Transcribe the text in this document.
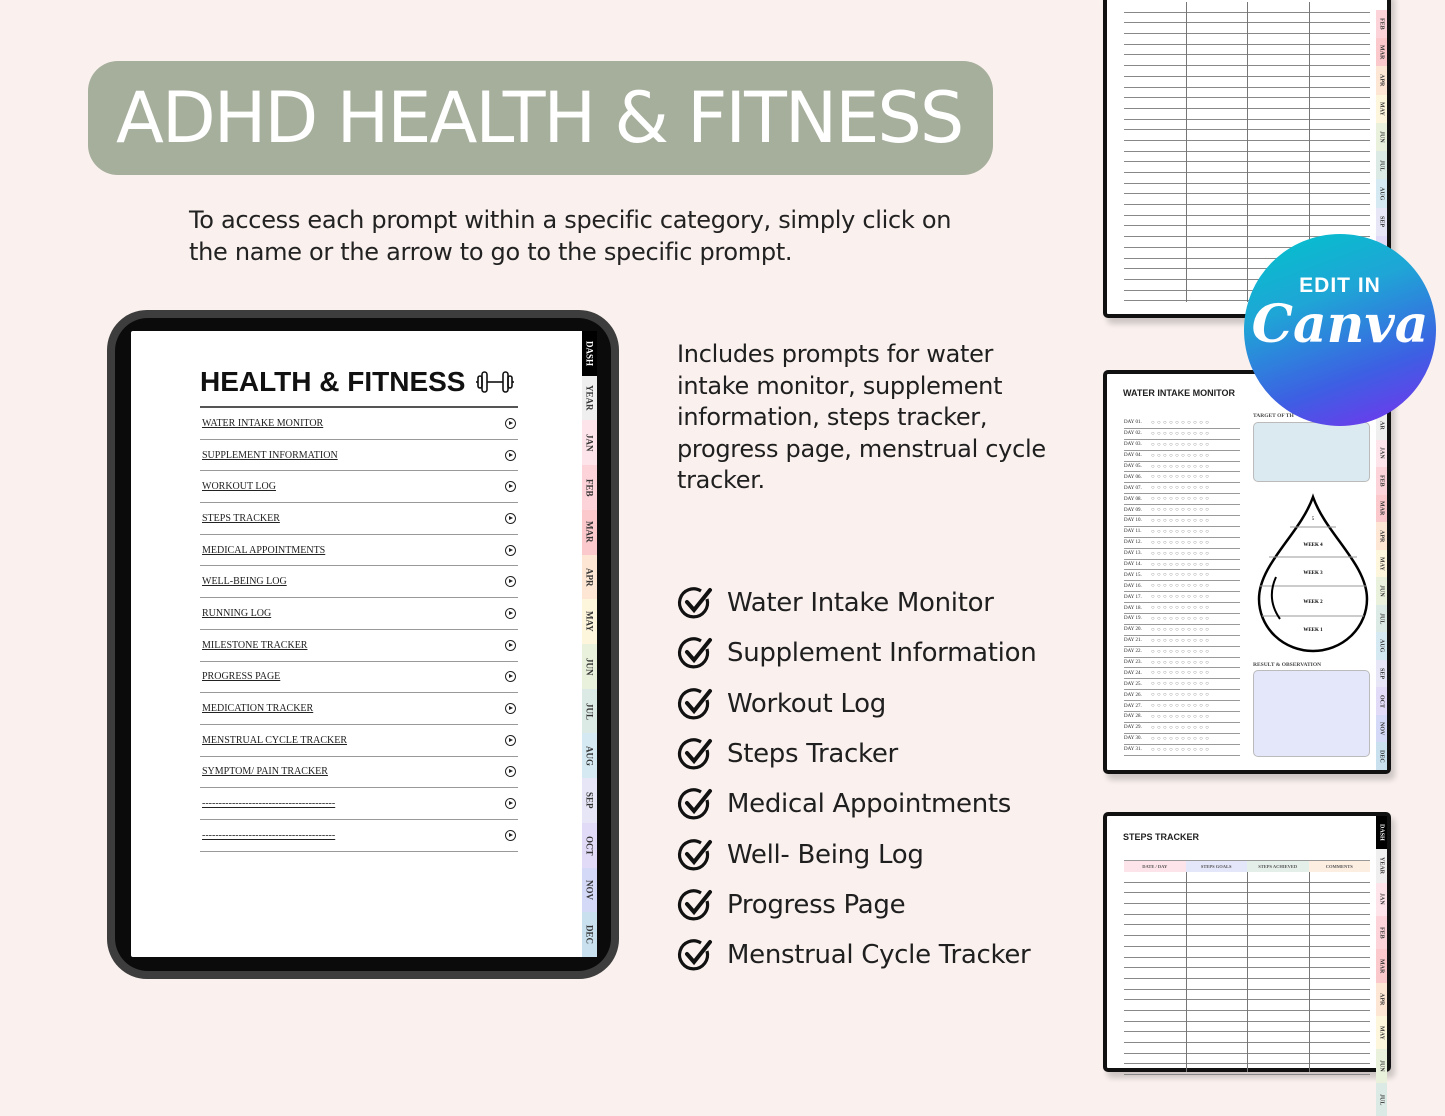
ADHD HEALTH & FITNESS
To access each prompt within a specific category, simply click on the name or the arrow to go to the specific prompt.
HEALTH & FITNESS
WATER INTAKE MONITOR
SUPPLEMENT INFORMATION
WORKOUT LOG
STEPS TRACKER
MEDICAL APPOINTMENTS
WELL-BEING LOG
RUNNING LOG
MILESTONE TRACKER
PROGRESS PAGE
MEDICATION TRACKER
MENSTRUAL CYCLE TRACKER
SYMPTOM/ PAIN TRACKER
----------------------------------------
----------------------------------------
DASH
YEAR
JAN
FEB
MAR
APR
MAY
JUN
JUL
AUG
SEP
OCT
NOV
DEC
Includes prompts for water intake monitor, supplement information, steps tracker, progress page, menstrual cycle tracker.
Water Intake Monitor
Supplement Information
Workout Log
Steps Tracker
Medical Appointments
Well- Being Log
Progress Page
Menstrual Cycle Tracker
FEB
MAR
APR
MAY
JUN
JUL
AUG
SEP
WATER INTAKE MONITOR
DAY 01.	○○○○○○○○○○
DAY 02.	○○○○○○○○○○
DAY 03.	○○○○○○○○○○
DAY 04.	○○○○○○○○○○
DAY 05.	○○○○○○○○○○
DAY 06.	○○○○○○○○○○
DAY 07.	○○○○○○○○○○
DAY 08.	○○○○○○○○○○
DAY 09.	○○○○○○○○○○
DAY 10.	○○○○○○○○○○
DAY 11.	○○○○○○○○○○
DAY 12.	○○○○○○○○○○
DAY 13.	○○○○○○○○○○
DAY 14.	○○○○○○○○○○
DAY 15.	○○○○○○○○○○
DAY 16.	○○○○○○○○○○
DAY 17.	○○○○○○○○○○
DAY 18.	○○○○○○○○○○
DAY 19.	○○○○○○○○○○
DAY 20.	○○○○○○○○○○
DAY 21.	○○○○○○○○○○
DAY 22.	○○○○○○○○○○
DAY 23.	○○○○○○○○○○
DAY 24.	○○○○○○○○○○
DAY 25.	○○○○○○○○○○
DAY 26.	○○○○○○○○○○
DAY 27.	○○○○○○○○○○
DAY 28.	○○○○○○○○○○
DAY 29.	○○○○○○○○○○
DAY 30.	○○○○○○○○○○
DAY 31.	○○○○○○○○○○
TARGET OF TH
5
WEEK 4
WEEK 3
WEEK 2
WEEK 1
RESULT & OBSERVATION
AR
JAN
FEB
MAR
APR
MAY
JUN
JUL
AUG
SEP
OCT
NOV
DEC
STEPS TRACKER
DATE / DAY	STEPS GOALS	STEPS ACHIEVED	COMMENTS
DASH
YEAR
JAN
FEB
MAR
APR
MAY
JUN
JUL
EDIT IN
Canva
